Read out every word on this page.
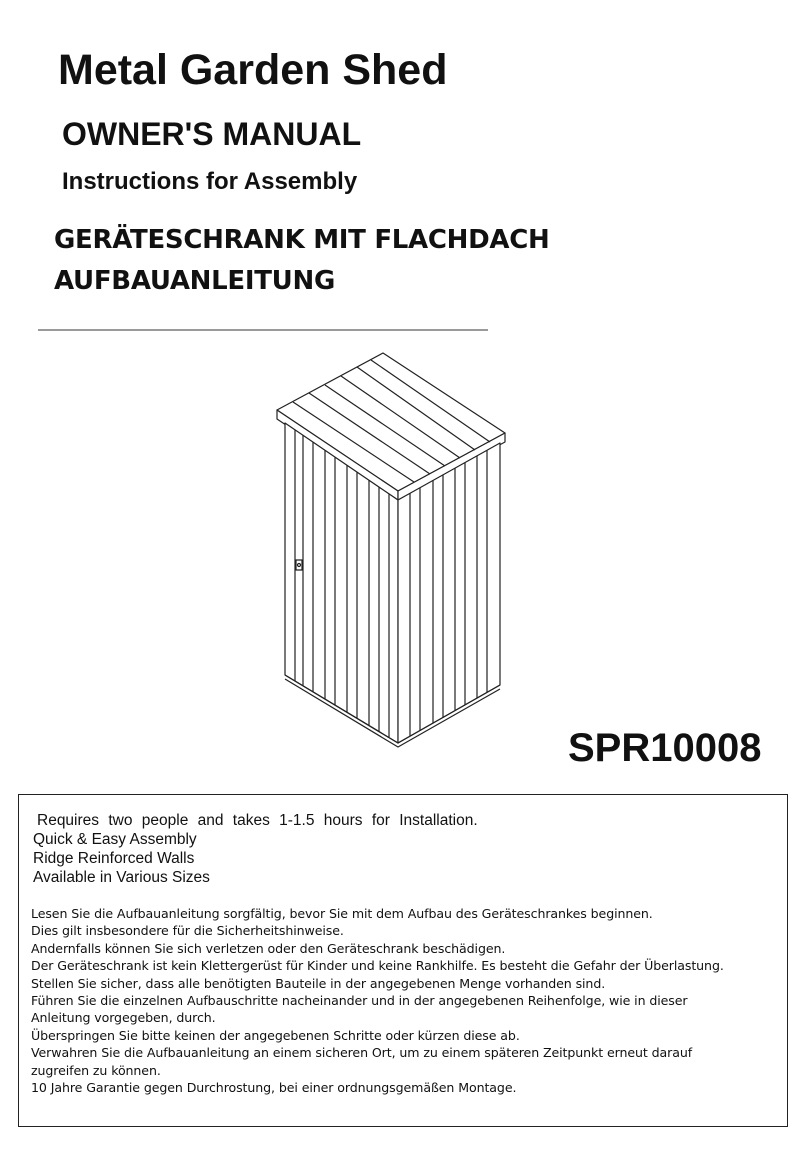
Metal Garden Shed
OWNER'S MANUAL
Instructions for Assembly
GERÄTESCHRANK MIT FLACHDACH
AUFBAUANLEITUNG
SPR10008
Requires two people and takes 1-1.5 hours for Installation.
Quick & Easy Assembly
Ridge Reinforced Walls
Available in Various Sizes
Lesen Sie die Aufbauanleitung sorgfältig, bevor Sie mit dem Aufbau des Geräteschrankes beginnen.
Dies gilt insbesondere für die Sicherheitshinweise.
Andernfalls können Sie sich verletzen oder den Geräteschrank beschädigen.
Der Geräteschrank ist kein Klettergerüst für Kinder und keine Rankhilfe. Es besteht die Gefahr der Überlastung.
Stellen Sie sicher, dass alle benötigten Bauteile in der angegebenen Menge vorhanden sind.
Führen Sie die einzelnen Aufbauschritte nacheinander und in der angegebenen Reihenfolge, wie in dieser
Anleitung vorgegeben, durch.
Überspringen Sie bitte keinen der angegebenen Schritte oder kürzen diese ab.
Verwahren Sie die Aufbauanleitung an einem sicheren Ort, um zu einem späteren Zeitpunkt erneut darauf
zugreifen zu können.
10 Jahre Garantie gegen Durchrostung, bei einer ordnungsgemäßen Montage.
